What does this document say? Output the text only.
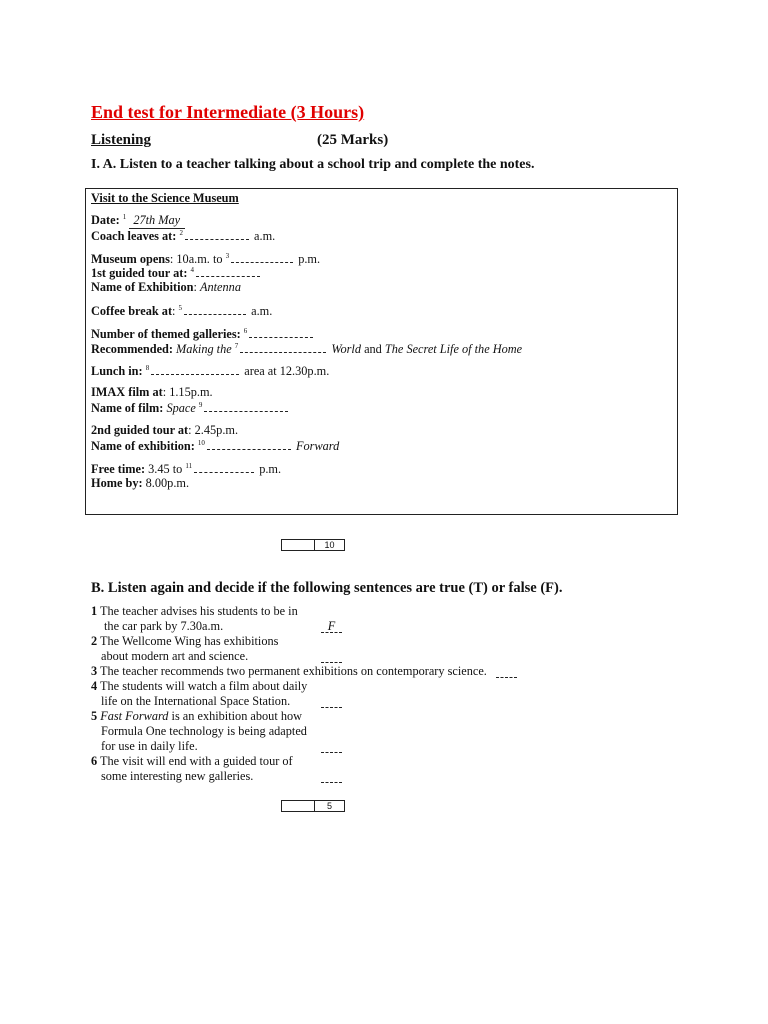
End test for Intermediate (3 Hours)
Listening	(25 Marks)
I. A. Listen to a teacher talking about a school trip and complete the notes.
Visit to the Science Museum
Date: $^1$ 27th May
Coach leaves at: $^2$	a.m.
Museum opens: 10a.m. to $^3$	p.m.
1st guided tour at: $^4$
Name of Exhibition: Antenna
Coffee break at: $^5$	a.m.
Number of themed galleries: $^6$
Recommended: Making the $^7$	World and The Secret Life of the Home
Lunch in: $^8$	area at 12.30p.m.
IMAX film at: 1.15p.m.
Name of film: Space $^9$
2nd guided tour at: 2.45p.m.
Name of exhibition: $^{10}$	Forward
Free time: 3.45 to $^{11}$	p.m.
Home by: 8.00p.m.
10
B. Listen again and decide if the following sentences are true (T) or false (F).
1 The teacher advises his students to be in
the car park by 7.30a.m.	F
2 The Wellcome Wing has exhibitions
about modern art and science.
3 The teacher recommends two permanent exhibitions on contemporary science.
4 The students will watch a film about daily
life on the International Space Station.
5 Fast Forward is an exhibition about how
Formula One technology is being adapted
for use in daily life.
6 The visit will end with a guided tour of
some interesting new galleries.
5
